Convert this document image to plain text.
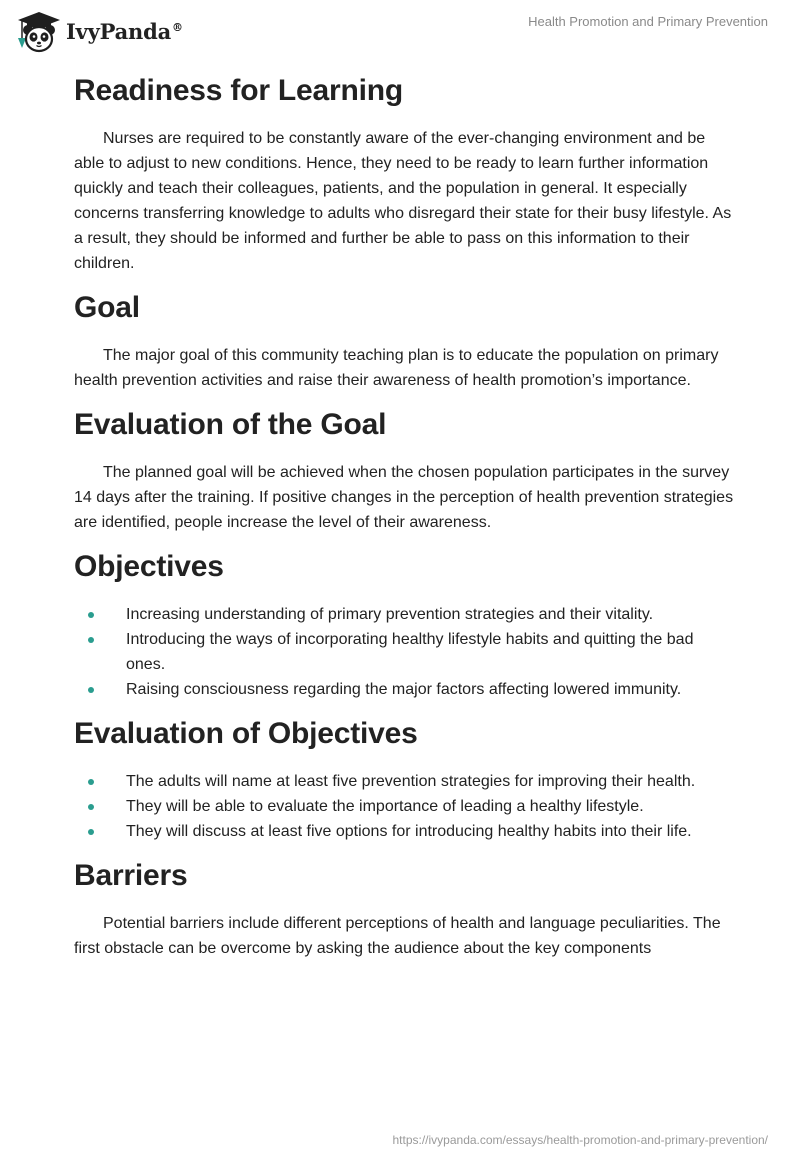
IvyPanda®	Health Promotion and Primary Prevention
Readiness for Learning

Nurses are required to be constantly aware of the ever-changing environment and be able to adjust to new conditions. Hence, they need to be ready to learn further information quickly and teach their colleagues, patients, and the population in general. It especially concerns transferring knowledge to adults who disregard their state for their busy lifestyle. As a result, they should be informed and further be able to pass on this information to their children.

Goal

The major goal of this community teaching plan is to educate the population on primary health prevention activities and raise their awareness of health promotion’s importance.

Evaluation of the Goal

The planned goal will be achieved when the chosen population participates in the survey 14 days after the training. If positive changes in the perception of health prevention strategies are identified, people increase the level of their awareness.

Objectives
Increasing understanding of primary prevention strategies and their vitality.
Introducing the ways of incorporating healthy lifestyle habits and quitting the bad ones.
Raising consciousness regarding the major factors affecting lowered immunity.
Evaluation of Objectives
The adults will name at least five prevention strategies for improving their health.
They will be able to evaluate the importance of leading a healthy lifestyle.
They will discuss at least five options for introducing healthy habits into their life.
Barriers

Potential barriers include different perceptions of health and language peculiarities. The first obstacle can be overcome by asking the audience about the key components

https://ivypanda.com/essays/health-promotion-and-primary-prevention/
